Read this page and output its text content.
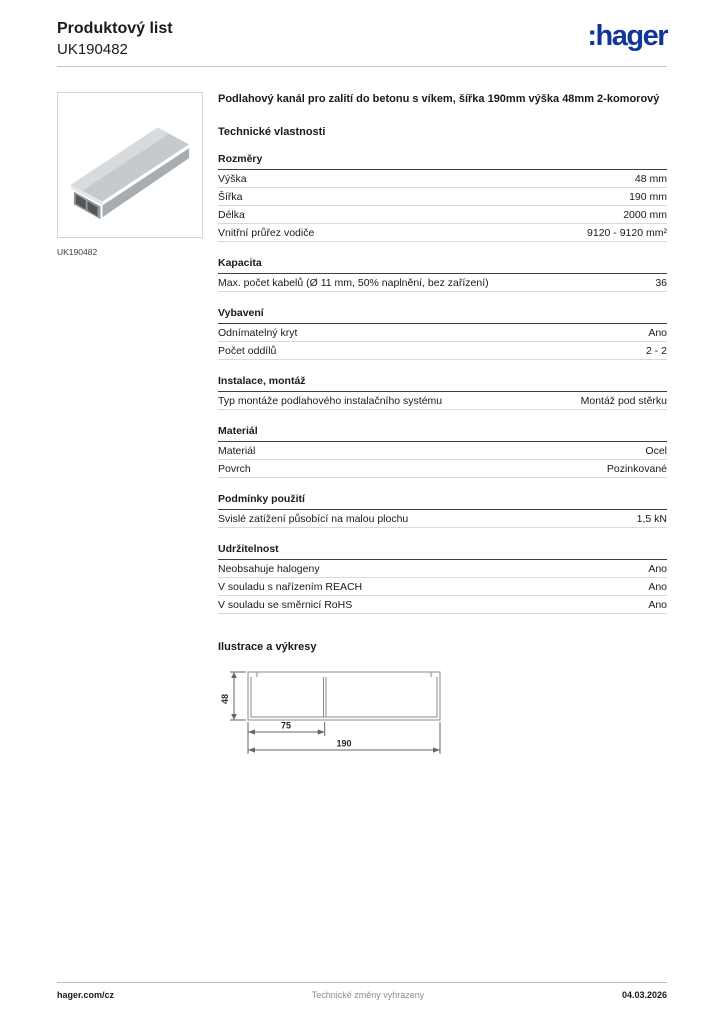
Produktový list
UK190482	:hager
UK190482

Podlahový kanál pro zalití do betonu s víkem, šířka 190mm výška 48mm 2-komorový

Technické vlastnosti
Rozměry
Výška	48 mm
Šířka	190 mm
Délka	2000 mm
Vnitřní průřez vodiče	9120 - 9120 mm²
Kapacita
Max. počet kabelů (Ø 11 mm, 50% naplnění, bez zařízení)	36
Vybavení
Odnímatelný kryt	Ano
Počet oddílů	2 - 2
Instalace, montáž
Typ montáže podlahového instalačního systému	Montáž pod stěrku
Materiál
Materiál	Ocel
Povrch	Pozinkované
Podmínky použití
Svislé zatížení působící na malou plochu	1,5 kN
Udržitelnost
Neobsahuje halogeny	Ano
V souladu s nařízením REACH	Ano
V souladu se směrnicí RoHS	Ano
Ilustrace a výkresy
48
75
190
hager.com/cz	Technické změny vyhrazeny	04.03.2026
